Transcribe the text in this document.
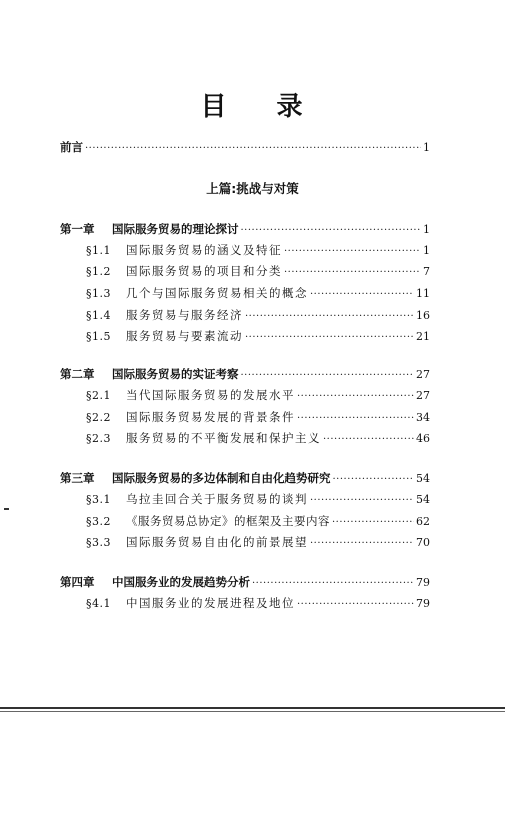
目 录
前言 ·····	1
上篇:挑战与对策
第一章 国际服务贸易的理论探讨 ·····	1
§1.1 国际服务贸易的涵义及特征 ·····	1
§1.2 国际服务贸易的项目和分类 ·····	7
§1.3 几个与国际服务贸易相关的概念 ·····	11
§1.4 服务贸易与服务经济 ·····	16
§1.5 服务贸易与要素流动 ·····	21
第二章 国际服务贸易的实证考察 ·····	27
§2.1 当代国际服务贸易的发展水平 ·····	27
§2.2 国际服务贸易发展的背景条件 ·····	34
§2.3 服务贸易的不平衡发展和保护主义 ·····	46
第三章 国际服务贸易的多边体制和自由化趋势研究 ·····	54
§3.1 乌拉圭回合关于服务贸易的谈判 ·····	54
§3.2 《服务贸易总协定》的框架及主要内容 ·····	62
§3.3 国际服务贸易自由化的前景展望 ·····	70
第四章 中国服务业的发展趋势分析 ·····	79
§4.1 中国服务业的发展进程及地位 ·····	79
